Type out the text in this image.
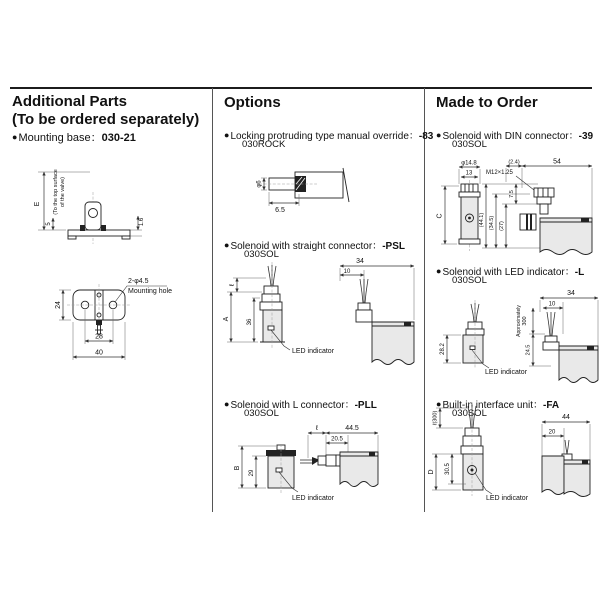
Additional Parts
(To be ordered separately)
●Mounting base：030-21
E (To the top surface of the valve)
5	1.6
24
28
40
2-φ4.5
Mounting hole
Options
●Locking protruding type manual override：-83
030ROCK
φ6
6.5
●Solenoid with straight connector：-PSL
030SOL
ℓ
A	36
LED indicator
34
10
●Solenoid with L connector：-PLL
030SOL
B
29
LED indicator
ℓ	44.5
20.5
Made to Order
●Solenoid with DIN connector：-39
030SOL
φ14.8
13
C
(2.4)	54
M12×1.25
(44.1) (34.5) (27)
7.5
●Solenoid with LED indicator：-L
030SOL
28.2
LED indicator
34
10
Approximately 300
24.5
●Built-in interface unit：-FA
030SOL
ℓ(300)
D 30.5
LED indicator
44
20
